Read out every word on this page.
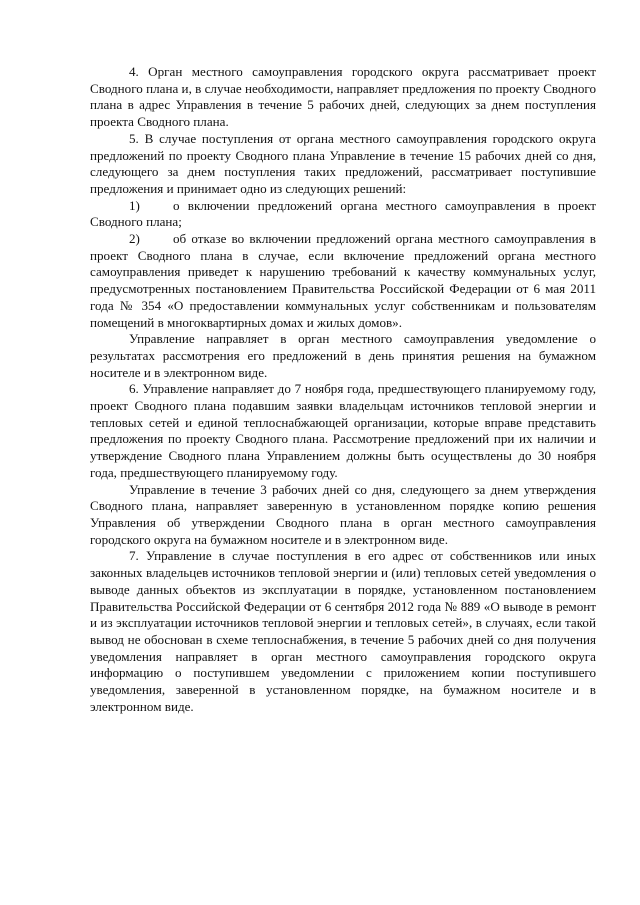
4. Орган местного самоуправления городского округа рассматривает проект Сводного плана и, в случае необходимости, направляет предложения по проекту Сводного плана в адрес Управления в течение 5 рабочих дней, следующих за днем поступления проекта Сводного плана.

5. В случае поступления от органа местного самоуправления городского округа предложений по проекту Сводного плана Управление в течение 15 рабочих дней со дня, следующего за днем поступления таких предложений, рассматривает поступившие предложения и принимает одно из следующих решений:

1)	о включении предложений органа местного самоуправления в проект Сводного плана;

2)	об отказе во включении предложений органа местного самоуправления в проект Сводного плана в случае, если включение предложений органа местного самоуправления приведет к нарушению требований к качеству коммунальных услуг, предусмотренных постановлением Правительства Российской Федерации от 6 мая 2011 года № 354 «О предоставлении коммунальных услуг собственникам и пользователям помещений в многоквартирных домах и жилых домов».

Управление направляет в орган местного самоуправления уведомление о результатах рассмотрения его предложений в день принятия решения на бумажном носителе и в электронном виде.

6. Управление направляет до 7 ноября года, предшествующего планируемому году, проект Сводного плана подавшим заявки владельцам источников тепловой энергии и тепловых сетей и единой теплоснабжающей организации, которые вправе представить предложения по проекту Сводного плана. Рассмотрение предложений при их наличии и утверждение Сводного плана Управлением должны быть осуществлены до 30 ноября года, предшествующего планируемому году.

Управление в течение 3 рабочих дней со дня, следующего за днем утверждения Сводного плана, направляет заверенную в установленном порядке копию решения Управления об утверждении Сводного плана в орган местного самоуправления городского округа на бумажном носителе и в электронном виде.

7. Управление в случае поступления в его адрес от собственников или иных законных владельцев источников тепловой энергии и (или) тепловых сетей уведомления о выводе данных объектов из эксплуатации в порядке, установленном постановлением Правительства Российской Федерации от 6 сентября 2012 года № 889 «О выводе в ремонт и из эксплуатации источников тепловой энергии и тепловых сетей», в случаях, если такой вывод не обоснован в схеме теплоснабжения, в течение 5 рабочих дней со дня получения уведомления направляет в орган местного самоуправления городского округа информацию о поступившем уведомлении с приложением копии поступившего уведомления, заверенной в установленном порядке, на бумажном носителе и в электронном виде.
